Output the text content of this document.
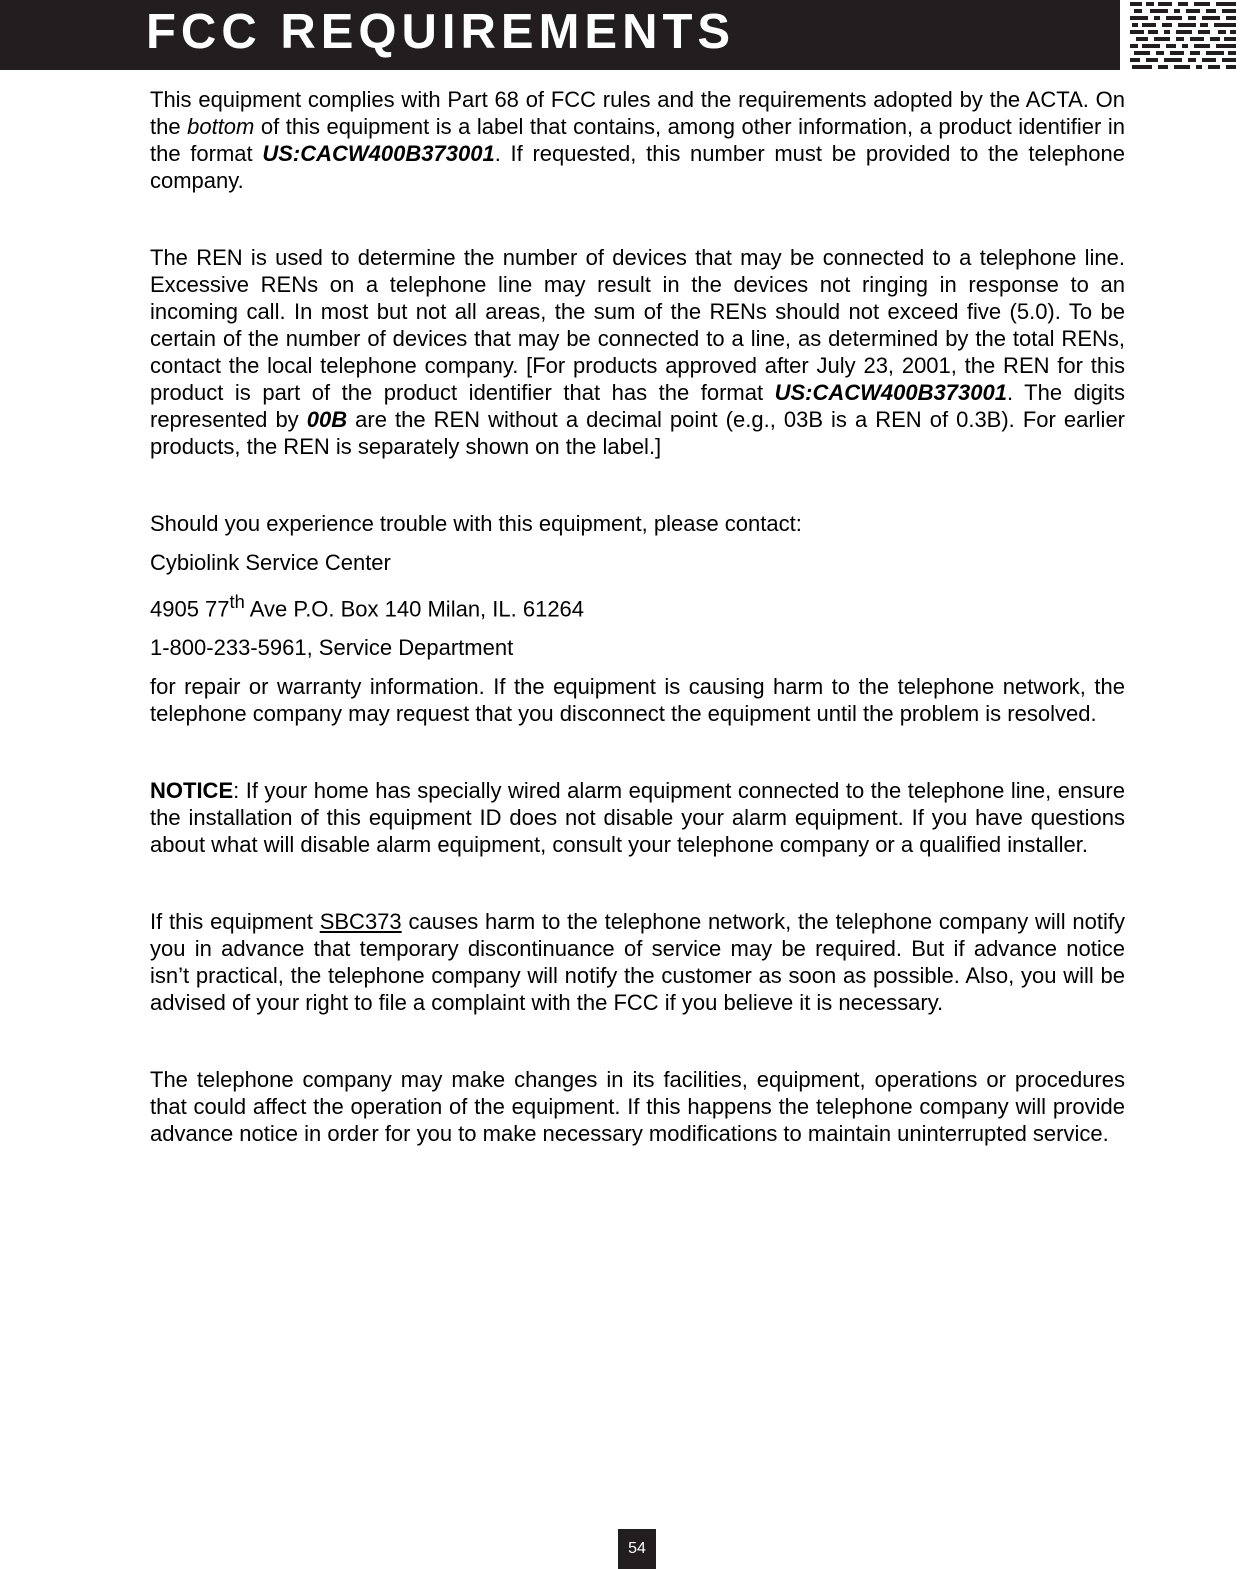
FCC REQUIREMENTS

This equipment complies with Part 68 of FCC rules and the requirements adopted by the ACTA. On the bottom of this equipment is a label that contains, among other information, a product identifier in the format US:CACW400B373001. If requested, this number must be provided to the telephone company.

The REN is used to determine the number of devices that may be connected to a telephone line. Excessive RENs on a telephone line may result in the devices not ringing in response to an incoming call. In most but not all areas, the sum of the RENs should not exceed five (5.0). To be certain of the number of devices that may be connected to a line, as determined by the total RENs, contact the local telephone company. [For products approved after July 23, 2001, the REN for this product is part of the product identifier that has the format US:CACW400B373001. The digits represented by 00B are the REN without a decimal point (e.g., 03B is a REN of 0.3B). For earlier products, the REN is separately shown on the label.]

Should you experience trouble with this equipment, please contact:

Cybiolink Service Center

4905 77th Ave P.O. Box 140 Milan, IL. 61264

1-800-233-5961, Service Department

for repair or warranty information. If the equipment is causing harm to the telephone network, the telephone company may request that you disconnect the equipment until the problem is resolved.

NOTICE: If your home has specially wired alarm equipment connected to the telephone line, ensure the installation of this equipment ID does not disable your alarm equipment. If you have questions about what will disable alarm equipment, consult your telephone company or a qualified installer.

If this equipment SBC373 causes harm to the telephone network, the telephone company will notify you in advance that temporary discontinuance of service may be required. But if advance notice isn’t practical, the telephone company will notify the customer as soon as possible. Also, you will be advised of your right to file a complaint with the FCC if you believe it is necessary.

The telephone company may make changes in its facilities, equipment, operations or procedures that could affect the operation of the equipment. If this happens the telephone company will provide advance notice in order for you to make necessary modifications to maintain uninterrupted service.

54
